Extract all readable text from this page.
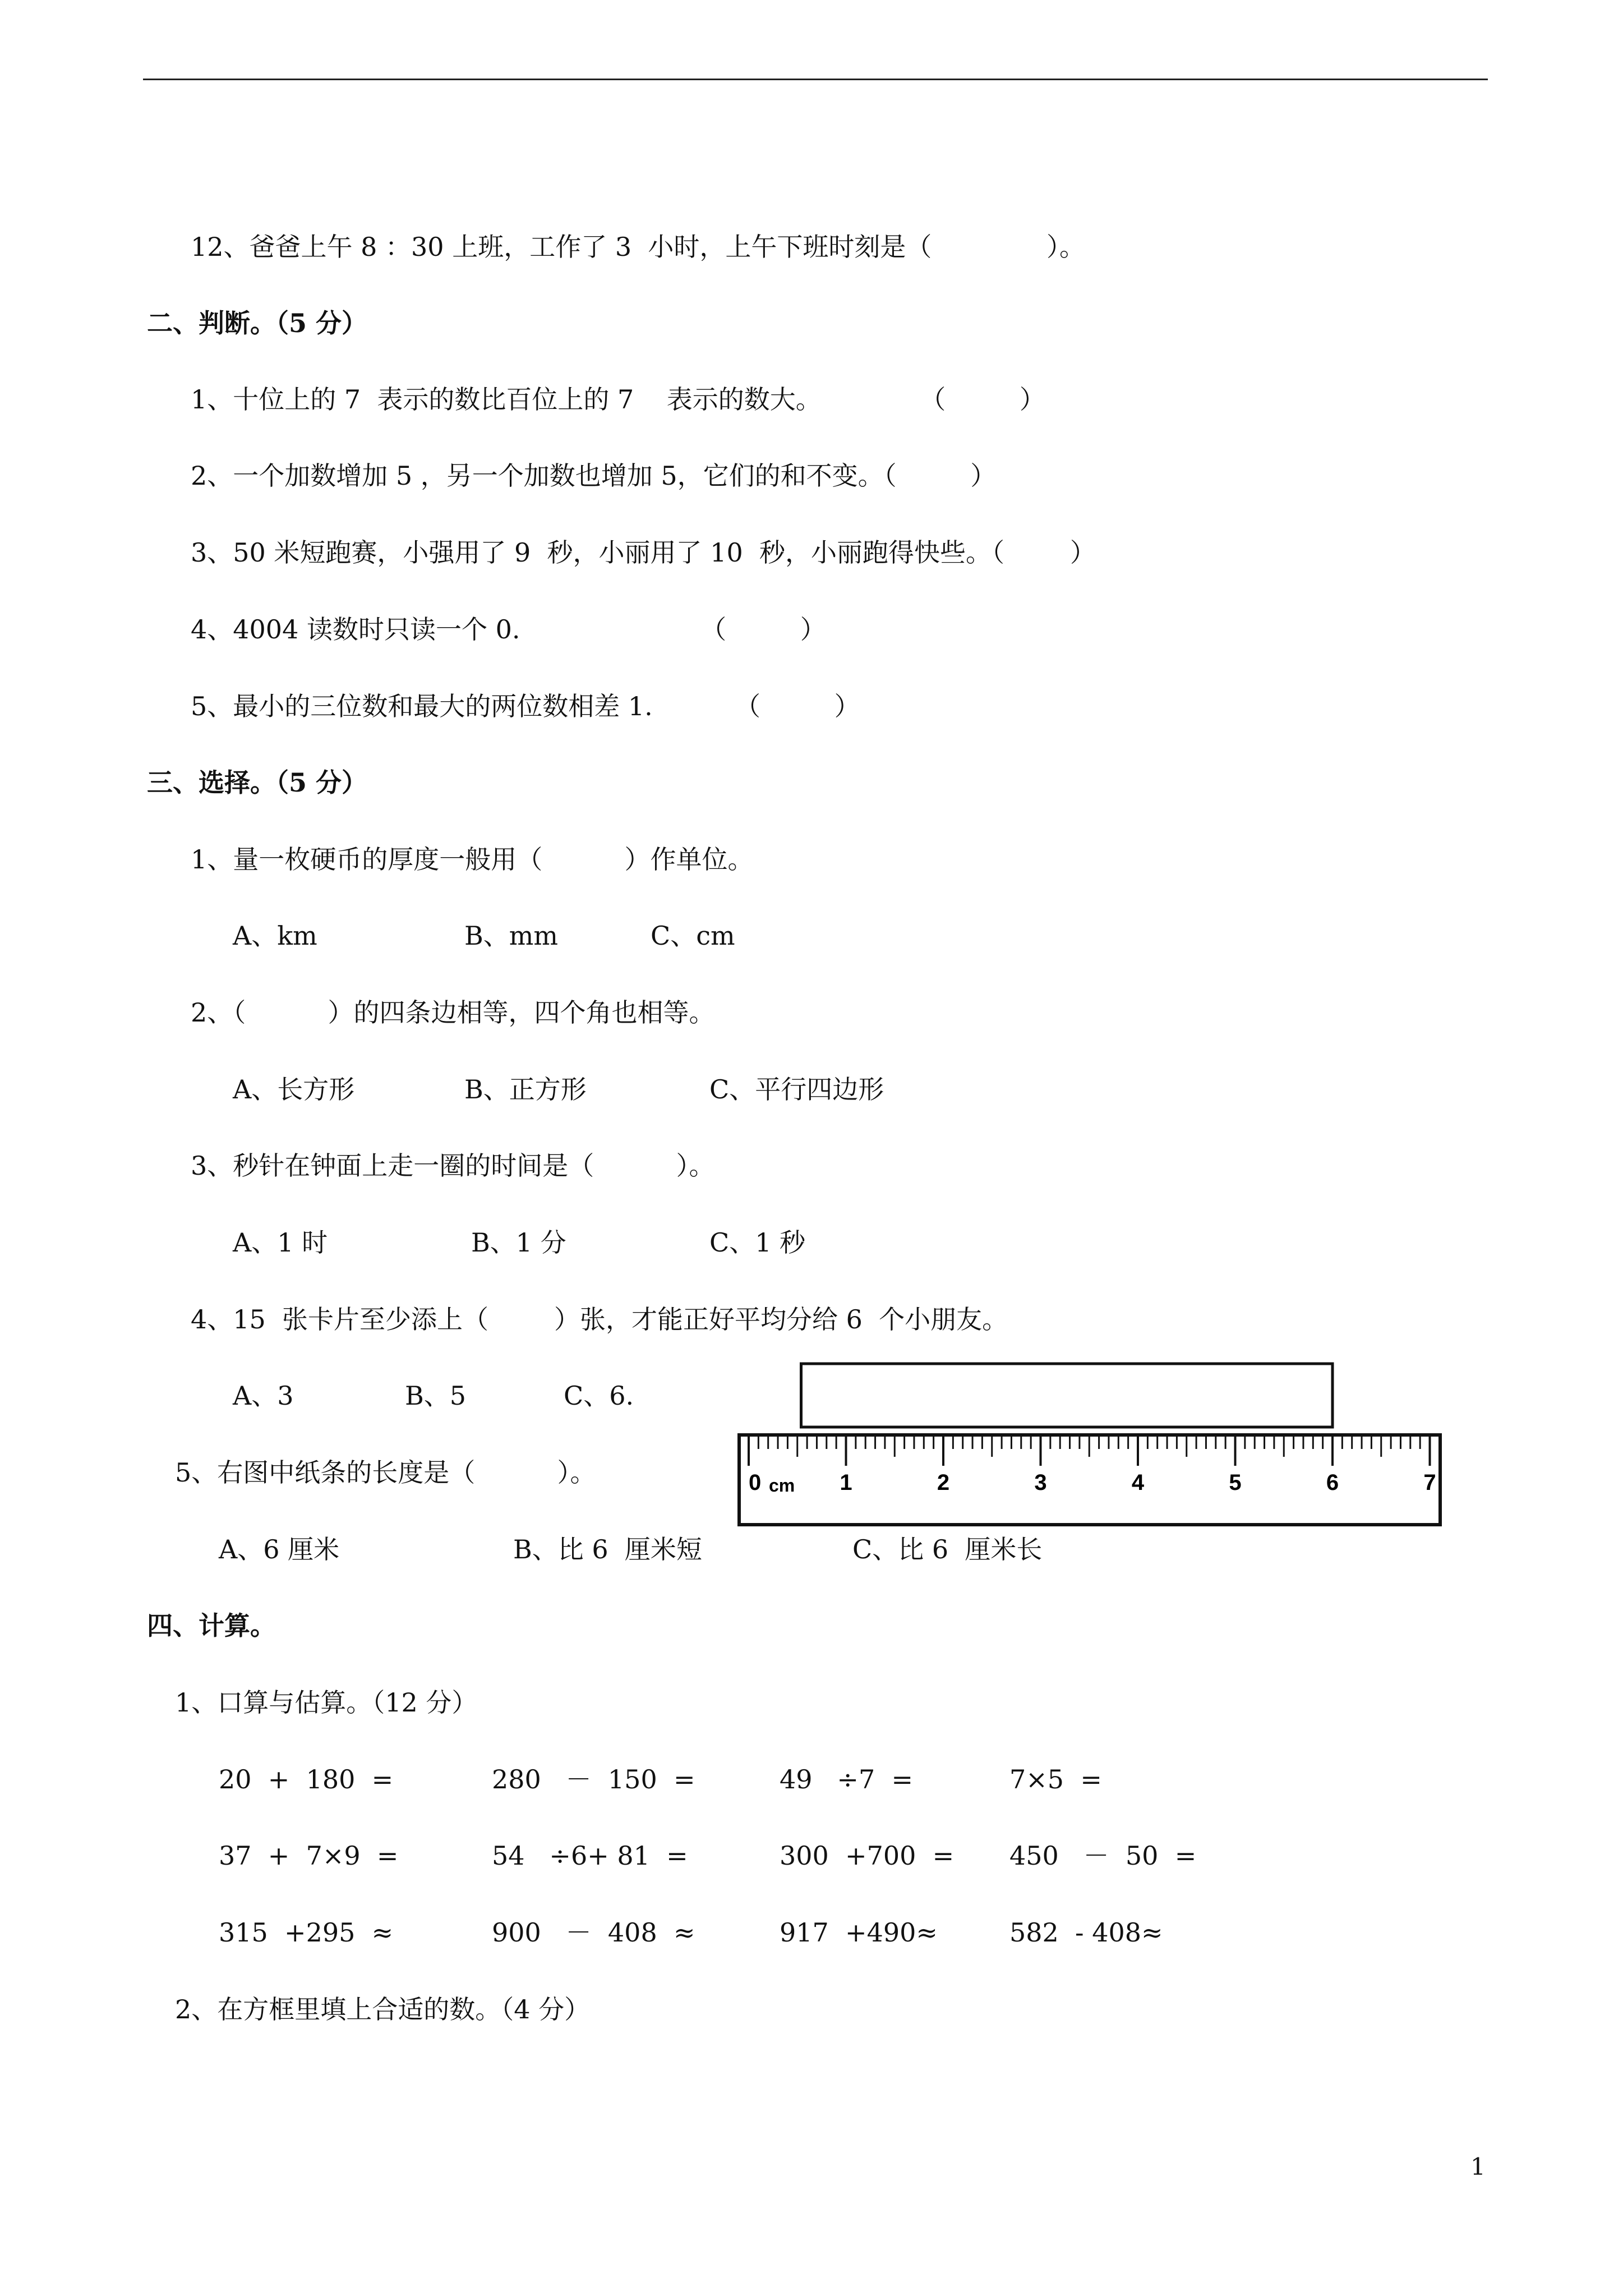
12、爸爸上午 8 ：30 上班，工作了 3  小时，上午下班时刻是（              ）。
二、判断。（5 分）
1、十位上的 7  表示的数比百位上的 7    表示的数大。            （         ）
2、一个加数增加 5 ，另一个加数也增加 5，它们的和不变。（         ）
3、50 米短跑赛，小强用了 9  秒，小丽用了 10  秒，小丽跑得快些。（        ）
4、4004 读数时只读一个 0.                      （         ）
5、最小的三位数和最大的两位数相差 1.          （         ）
三、选择。（5 分）
1、量一枚硬币的厚度一般用（          ）作单位。
A、km	B、mm	C、cm
2、（          ）的四条边相等，四个角也相等。
A、长方形	B、正方形	C、平行四边形
3、秒针在钟面上走一圈的时间是（          ）。
A、1 时	B、1 分	C、1 秒
4、15  张卡片至少添上（        ）张，才能正好平均分给 6  个小朋友。
A、3	B、5	C、6.
5、右图中纸条的长度是（          ）。
A、6 厘米	B、比 6  厘米短	C、比 6  厘米长
0	1	2	3	4	5	6	7
cm
四、计算。
1、口算与估算。（12 分）
20  +  180  =	280   －  150  =	49   ÷7  =	7×5  =
37  +  7×9  =	54   ÷6+ 81  =	300  +700  = 450   －  50  =
315  +295  ≈	900   －  408  ≈	917  +490≈	582  - 408≈
2、在方框里填上合适的数。（4 分）
1
